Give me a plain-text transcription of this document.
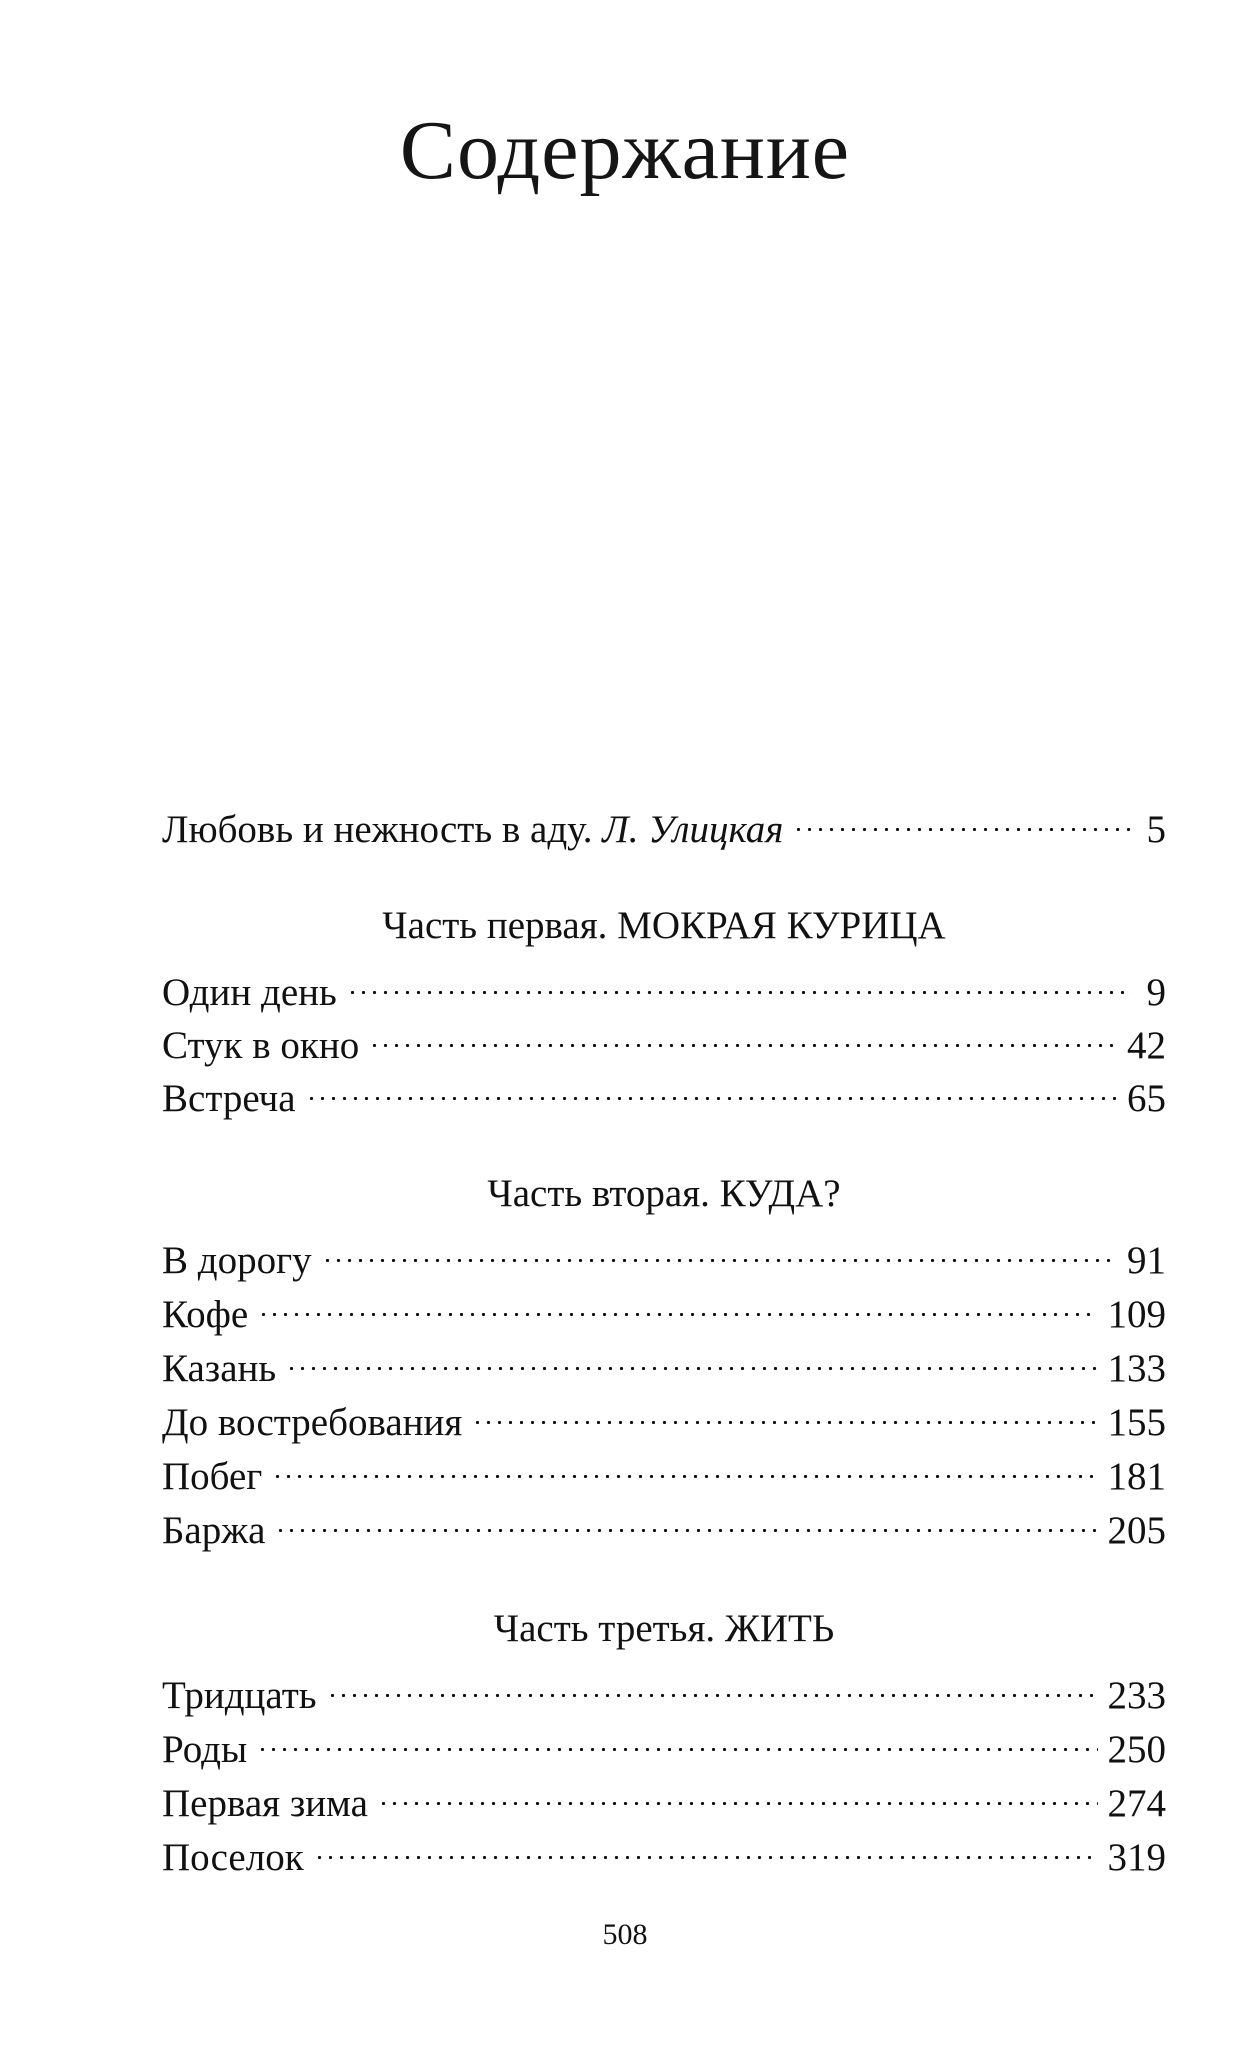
Содержание
Любовь и нежность в аду. Л. Улицкая	5
Часть первая. МОКРАЯ КУРИЦА
Один день	9
Стук в окно	42
Встреча	65
Часть вторая. КУДА?
В дорогу	91
Кофе	109
Казань	133
До востребования	155
Побег	181
Баржа	205
Часть третья. ЖИТЬ
Тридцать	233
Роды	250
Первая зима	274
Поселок	319
508
